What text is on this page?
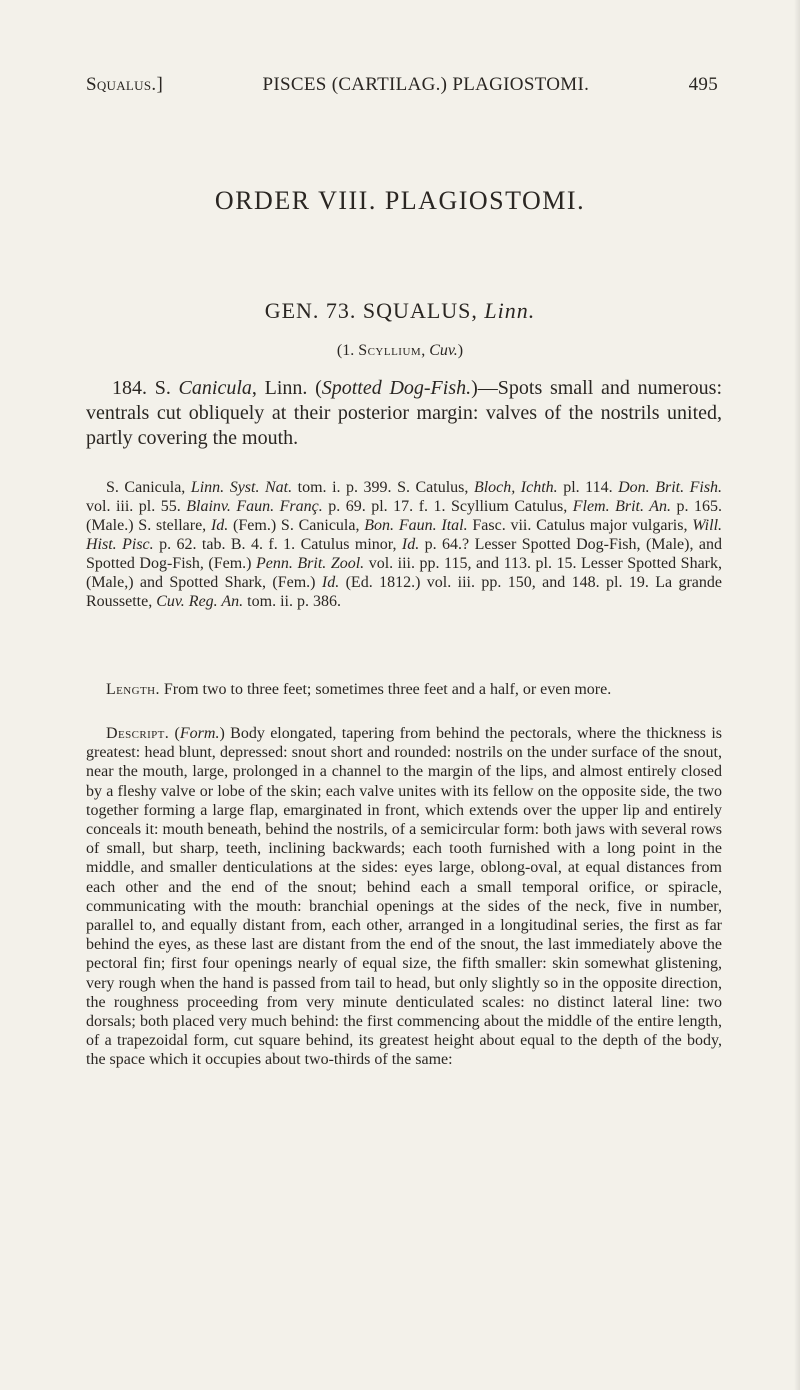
Squalus.]	PISCES (CARTILAG.) PLAGIOSTOMI.	495
ORDER VIII. PLAGIOSTOMI.
GEN. 73. SQUALUS, Linn.
(1. Scyllium, Cuv.)

184. S. Canicula, Linn. (Spotted Dog-Fish.)—Spots small and numerous: ventrals cut obliquely at their posterior margin: valves of the nostrils united, partly covering the mouth.

S. Canicula, Linn. Syst. Nat. tom. i. p. 399. S. Catulus, Bloch, Ichth. pl. 114. Don. Brit. Fish. vol. iii. pl. 55. Blainv. Faun. Franç. p. 69. pl. 17. f. 1. Scyllium Catulus, Flem. Brit. An. p. 165. (Male.) S. stellare, Id. (Fem.) S. Canicula, Bon. Faun. Ital. Fasc. vii. Catulus major vulgaris, Will. Hist. Pisc. p. 62. tab. B. 4. f. 1. Catulus minor, Id. p. 64.? Lesser Spotted Dog-Fish, (Male), and Spotted Dog-Fish, (Fem.) Penn. Brit. Zool. vol. iii. pp. 115, and 113. pl. 15. Lesser Spotted Shark, (Male,) and Spotted Shark, (Fem.) Id. (Ed. 1812.) vol. iii. pp. 150, and 148. pl. 19. La grande Roussette, Cuv. Reg. An. tom. ii. p. 386.

Length. From two to three feet; sometimes three feet and a half, or even more.

Descript. (Form.) Body elongated, tapering from behind the pectorals, where the thickness is greatest: head blunt, depressed: snout short and rounded: nostrils on the under surface of the snout, near the mouth, large, prolonged in a channel to the margin of the lips, and almost entirely closed by a fleshy valve or lobe of the skin; each valve unites with its fellow on the opposite side, the two together forming a large flap, emarginated in front, which extends over the upper lip and entirely conceals it: mouth beneath, behind the nostrils, of a semicircular form: both jaws with several rows of small, but sharp, teeth, inclining backwards; each tooth furnished with a long point in the middle, and smaller denticulations at the sides: eyes large, oblong-oval, at equal distances from each other and the end of the snout; behind each a small temporal orifice, or spiracle, communicating with the mouth: branchial openings at the sides of the neck, five in number, parallel to, and equally distant from, each other, arranged in a longitudinal series, the first as far behind the eyes, as these last are distant from the end of the snout, the last immediately above the pectoral fin; first four openings nearly of equal size, the fifth smaller: skin somewhat glistening, very rough when the hand is passed from tail to head, but only slightly so in the opposite direction, the roughness proceeding from very minute denticulated scales: no distinct lateral line: two dorsals; both placed very much behind: the first commencing about the middle of the entire length, of a trapezoidal form, cut square behind, its greatest height about equal to the depth of the body, the space which it occupies about two-thirds of the same:
